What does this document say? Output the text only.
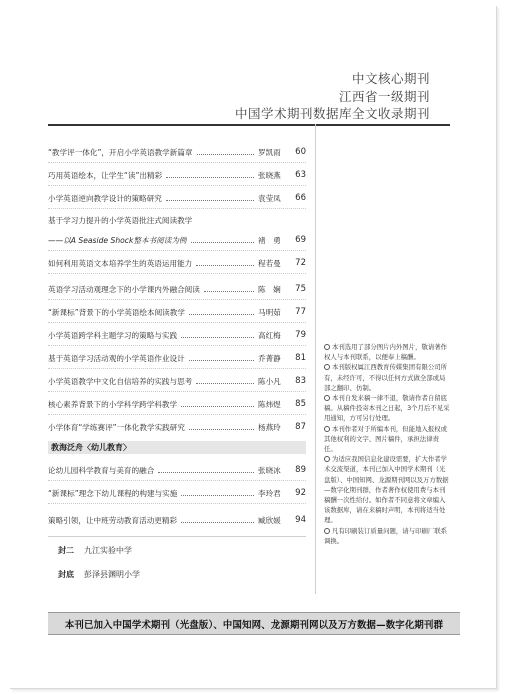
中文核心期刊
江西省一级期刊
中国学术期刊数据库全文收录期刊
“教学评一体化”，开启小学英语教学新篇章	罗凯雨	60
巧用英语绘本，让学生“读”出精彩	张晓燕	63
小学英语逆向教学设计的策略研究	袁莹凤	66
基于学习力提升的小学英语批注式阅读教学
——以A Seaside Shock整本书阅读为例	褚　勇	69
如何利用英语文本培养学生的英语运用能力	程若曼	72
英语学习活动观理念下的小学课内外融合阅读	陈　娴	75
“新课标”背景下的小学英语绘本阅读教学	马明茹	77
小学英语跨学科主题学习的策略与实践	高红梅	79
基于英语学习活动观的小学英语作业设计	乔菁静	81
小学英语教学中文化自信培养的实践与思考	陈小凡	83
核心素养背景下的小学科学跨学科教学	陈炜煜	85
小学体育“学练赛评”一体化教学实践研究	杨燕玲	87
教海泛舟〈幼儿教育〉
论幼儿园科学教育与美育的融合	张晓冰	89
“新课标”理念下幼儿课程的构建与实施	李玲君	92
策略引领，让中班劳动教育活动更精彩	臧欣媛	94
封二 九江实验中学
封底 彭泽县渊明小学

本刊选用了部分图片内外图片，敬请著作权人与本刊联系，以便奉上稿酬。

本刊版权属江西教育传媒集团有限公司所有，未经许可，不得以任何方式做全部或局部之翻印、仿制。

本刊自发来稿一律不退，敬请作者自留底稿。从稿件投寄本刊之日起，3个月后不见采用通知，方可另行处理。

本刊作者对于所编本刊，但能地入报权或其他权利的文字、图片稿件，承担法律责任。

为适应我国信息化建设需要，扩大作者学术交流渠道，本刊已加入中国学术期刊（光盘版）、中国知网、龙源期刊网以及万方数据—数字化期刊群，作者著作权使用费与本刊稿酬一次性给付。如作者不同意将文章编入该数据库，请在来稿时声明，本刊将适当处理。

凡有印刷装订质量问题，请与印刷厂联系调换。

本刊已加入中国学术期刊（光盘版）、中国知网、龙源期刊网以及万方数据—数字化期刊群
